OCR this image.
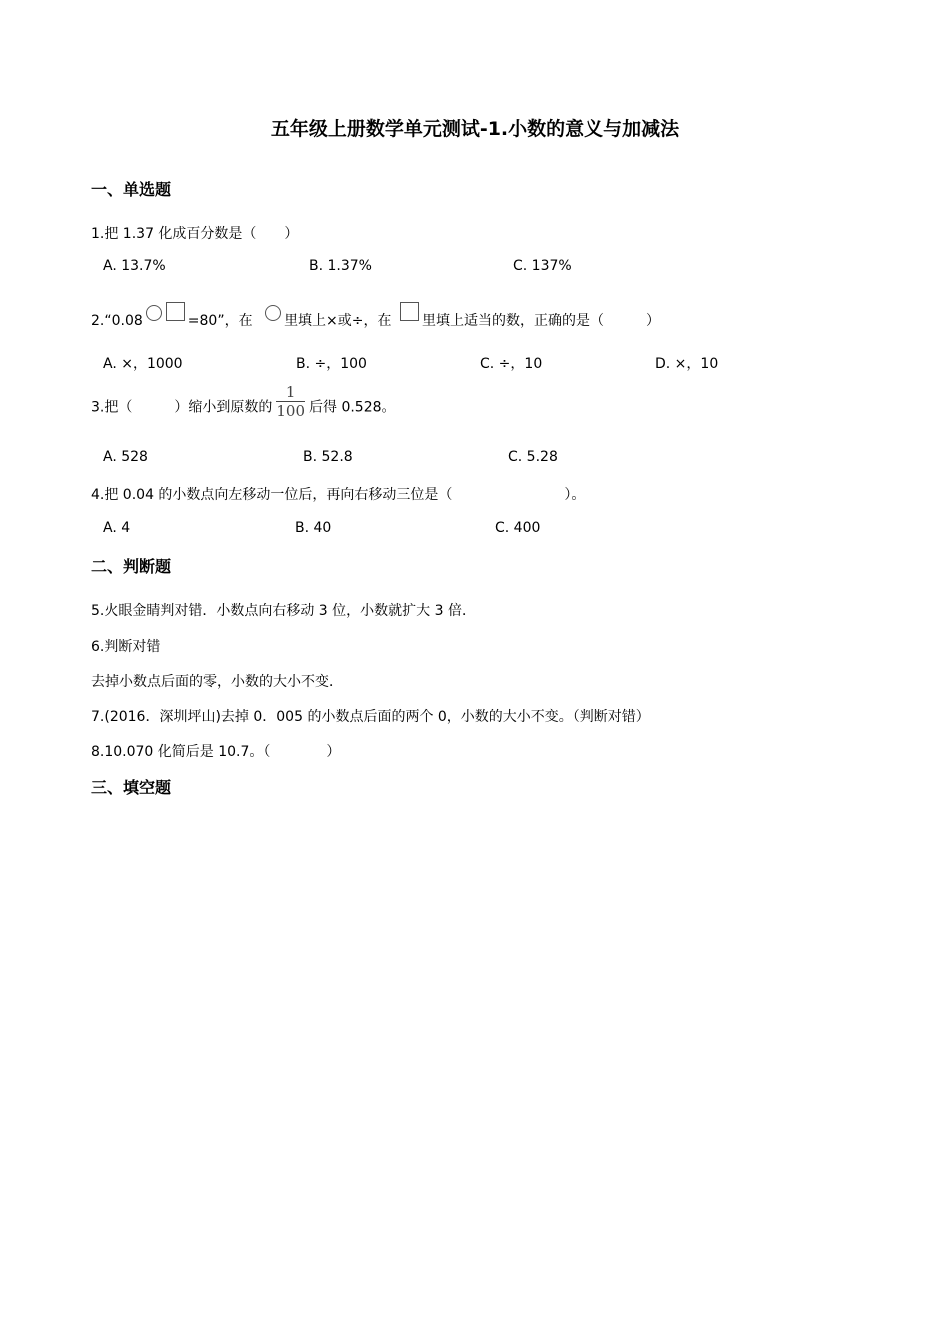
五年级上册数学单元测试-1.小数的意义与加减法
一、单选题
1.把 1.37 化成百分数是（　　）
A. 13.7%	B. 1.37%	C. 137%
2.“0.08	=80”，在 里填上×或÷，在 里填上适当的数，正确的是（　　　）
A. ×，1000	B. ÷，100	C. ÷，10	D. ×，10
3.把（　　　）缩小到原数的 $\frac{1}{100}$ 后得 0.528。
A. 528	B. 52.8	C. 5.28
4.把 0.04 的小数点向左移动一位后，再向右移动三位是（　　　　　　　　）。
A. 4	B. 40	C. 400
二、判断题
5.火眼金睛判对错．小数点向右移动 3 位，小数就扩大 3 倍．
6.判断对错
去掉小数点后面的零，小数的大小不变．
7.(2016．深圳坪山)去掉 0．005 的小数点后面的两个 0，小数的大小不变。（判断对错）
8.10.070 化简后是 10.7。（　　　　）
三、填空题
